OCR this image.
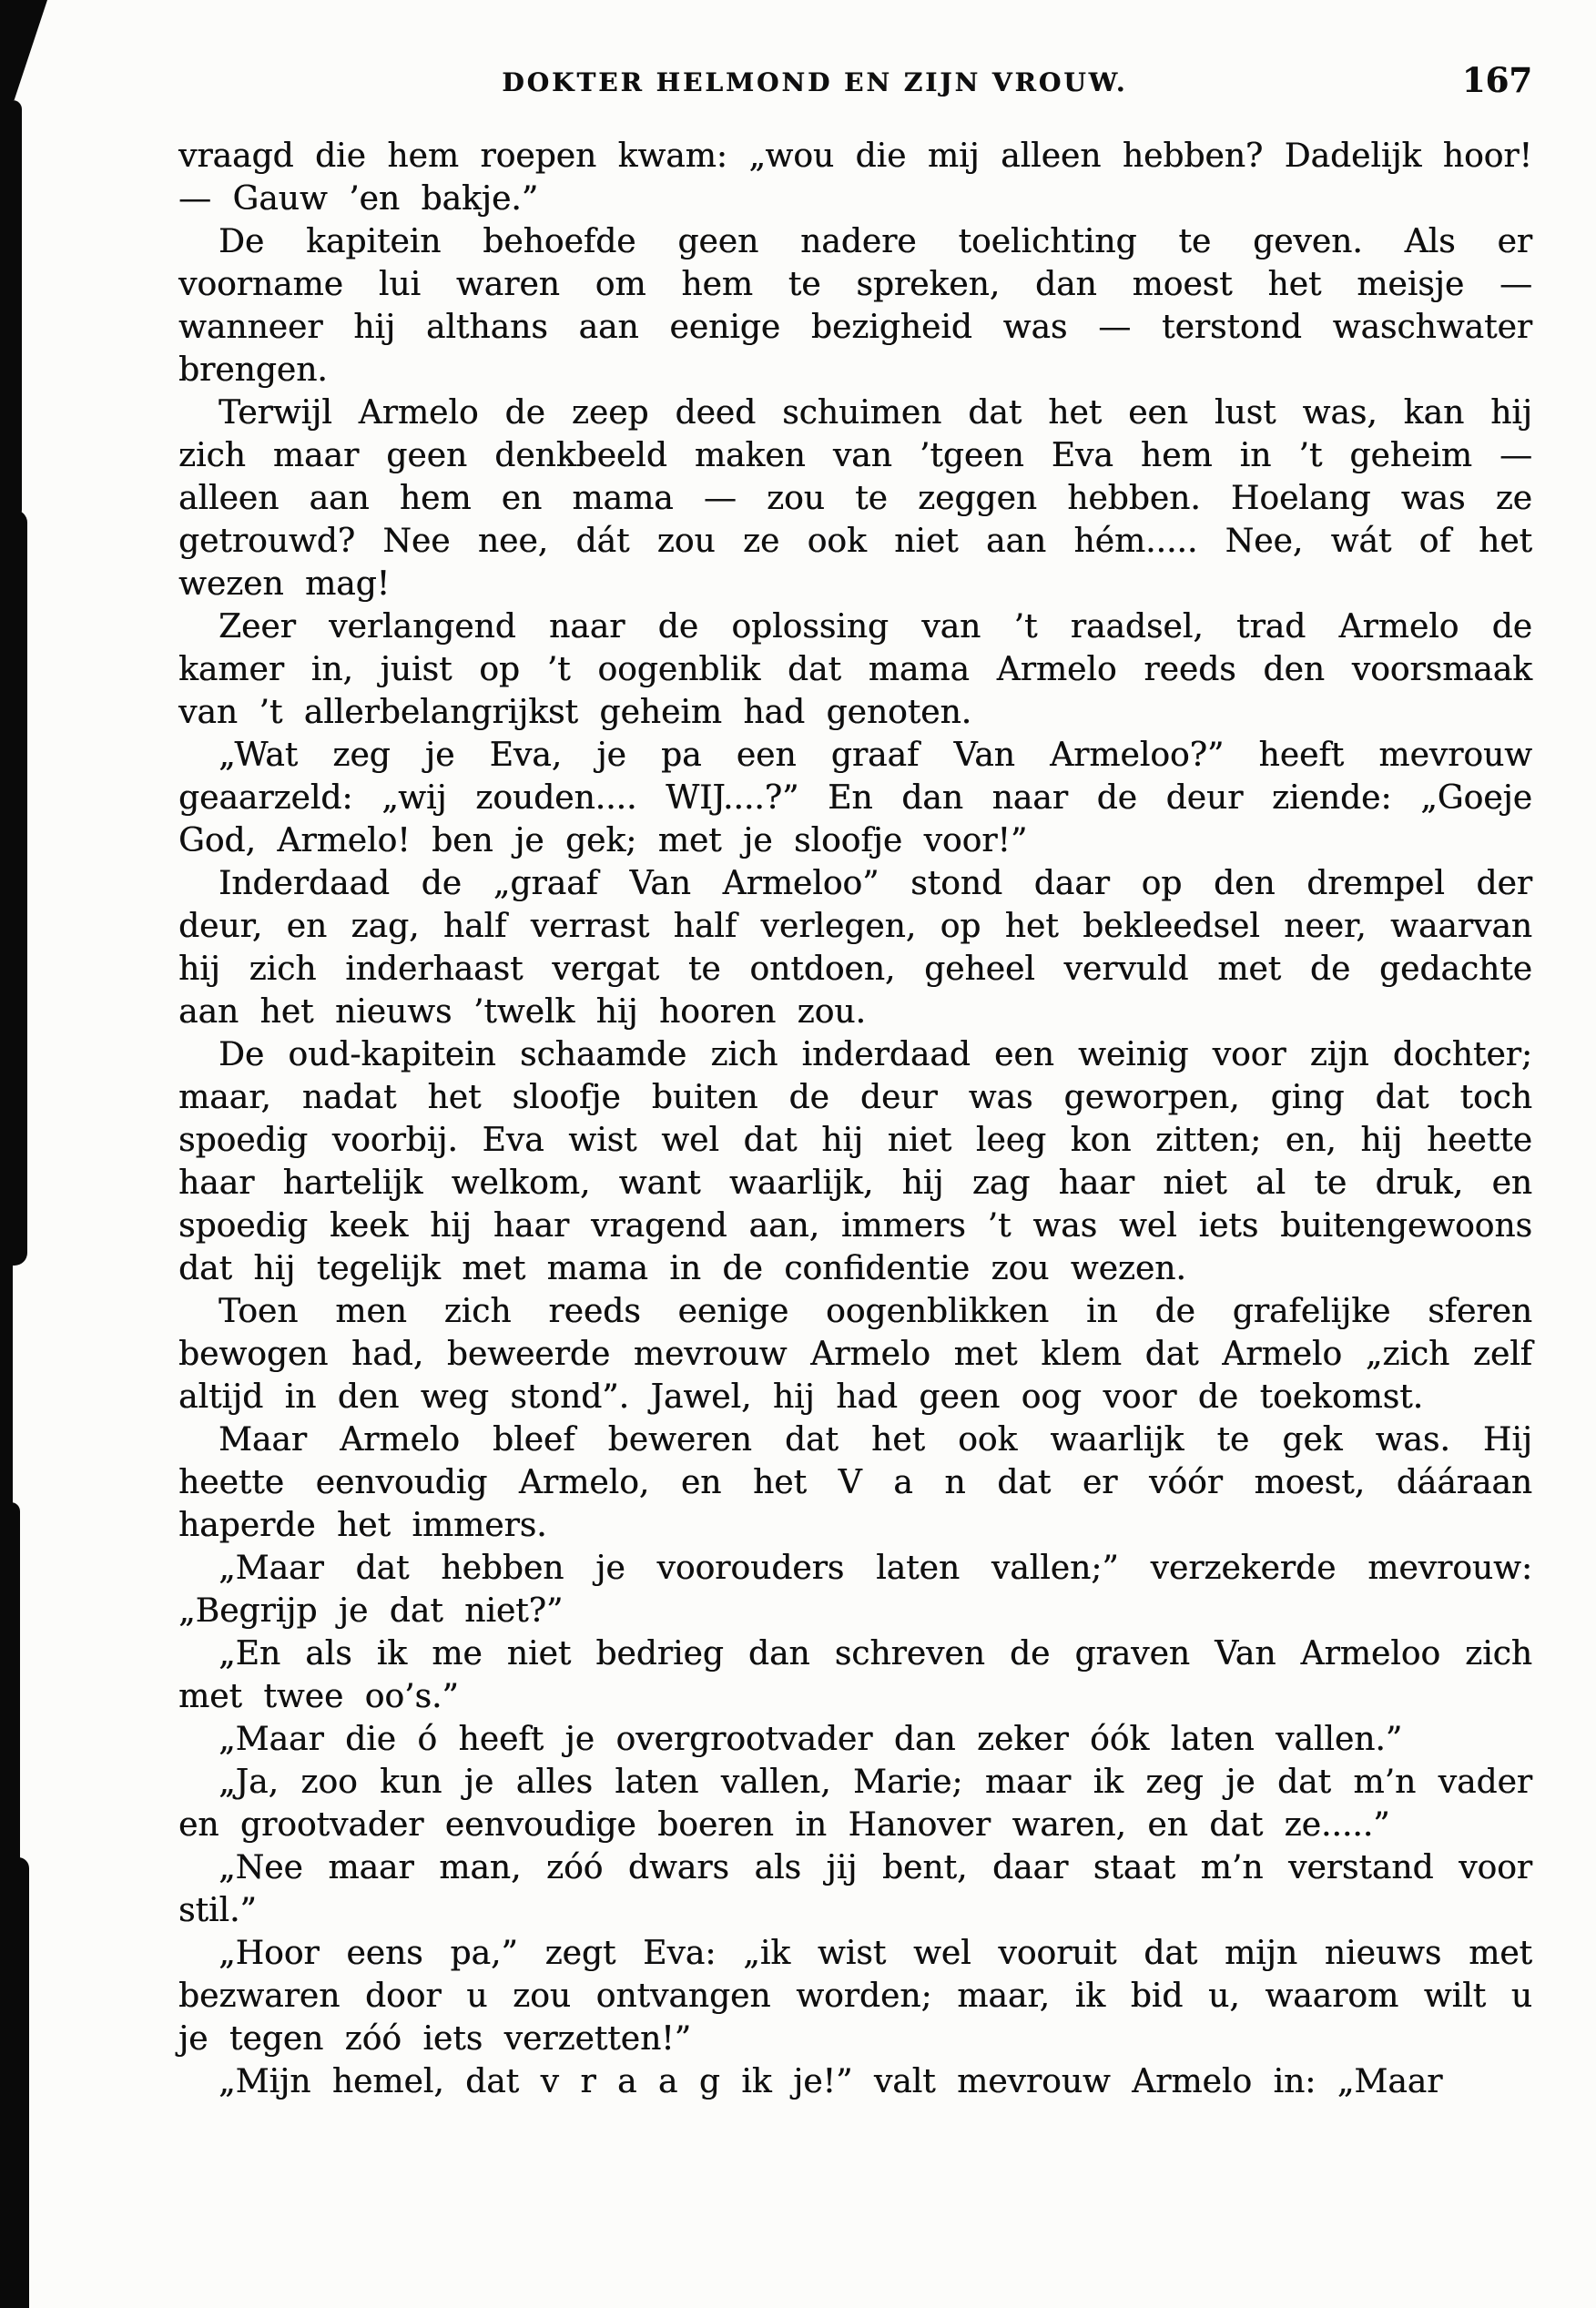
DOKTER HELMOND EN ZIJN VROUW.	167

vraagd die hem roepen kwam: „wou die mij alleen hebben? Dadelijk hoor! — Gauw ’en bakje.”

De kapitein behoefde geen nadere toelichting te geven. Als er voorname lui waren om hem te spreken, dan moest het meisje — wanneer hij althans aan eenige bezigheid was — terstond waschwater brengen.

Terwijl Armelo de zeep deed schuimen dat het een lust was, kan hij zich maar geen denkbeeld maken van ’tgeen Eva hem in ’t geheim — alleen aan hem en mama — zou te zeggen hebben. Hoelang was ze getrouwd? Nee nee, dát zou ze ook niet aan hém..... Nee, wát of het wezen mag!

Zeer verlangend naar de oplossing van ’t raadsel, trad Armelo de kamer in, juist op ’t oogenblik dat mama Armelo reeds den voorsmaak van ’t allerbelangrijkst geheim had genoten.

„Wat zeg je Eva, je pa een graaf Van Armeloo?” heeft mevrouw geaarzeld: „wij zouden.... WIJ....?” En dan naar de deur ziende: „Goeje God, Armelo! ben je gek; met je sloofje voor!”

Inderdaad de „graaf Van Armeloo” stond daar op den drempel der deur, en zag, half verrast half verlegen, op het bekleedsel neer, waarvan hij zich inderhaast vergat te ontdoen, geheel vervuld met de gedachte aan het nieuws ’twelk hij hooren zou.

De oud-kapitein schaamde zich inderdaad een weinig voor zijn dochter; maar, nadat het sloofje buiten de deur was geworpen, ging dat toch spoedig voorbij. Eva wist wel dat hij niet leeg kon zitten; en, hij heette haar hartelijk welkom, want waarlijk, hij zag haar niet al te druk, en spoedig keek hij haar vragend aan, immers ’t was wel iets buitengewoons dat hij tegelijk met mama in de confidentie zou wezen.

Toen men zich reeds eenige oogenblikken in de grafelijke sferen bewogen had, beweerde mevrouw Armelo met klem dat Armelo „zich zelf altijd in den weg stond”. Jawel, hij had geen oog voor de toekomst.

Maar Armelo bleef beweren dat het ook waarlijk te gek was. Hij heette eenvoudig Armelo, en het V a n dat er vóór moest, dááraan haperde het immers.

„Maar dat hebben je voorouders laten vallen;” verzekerde mevrouw: „Begrijp je dat niet?”

„En als ik me niet bedrieg dan schreven de graven Van Armeloo zich met twee oo’s.”

„Maar die ó heeft je overgrootvader dan zeker óók laten vallen.”

„Ja, zoo kun je alles laten vallen, Marie; maar ik zeg je dat m’n vader en grootvader eenvoudige boeren in Hanover waren, en dat ze.....”

„Nee maar man, zóó dwars als jij bent, daar staat m’n verstand voor stil.”

„Hoor eens pa,” zegt Eva: „ik wist wel vooruit dat mijn nieuws met bezwaren door u zou ontvangen worden; maar, ik bid u, waarom wilt u je tegen zóó iets verzetten!”

„Mijn hemel, dat v r a a g ik je!” valt mevrouw Armelo in: „Maar
